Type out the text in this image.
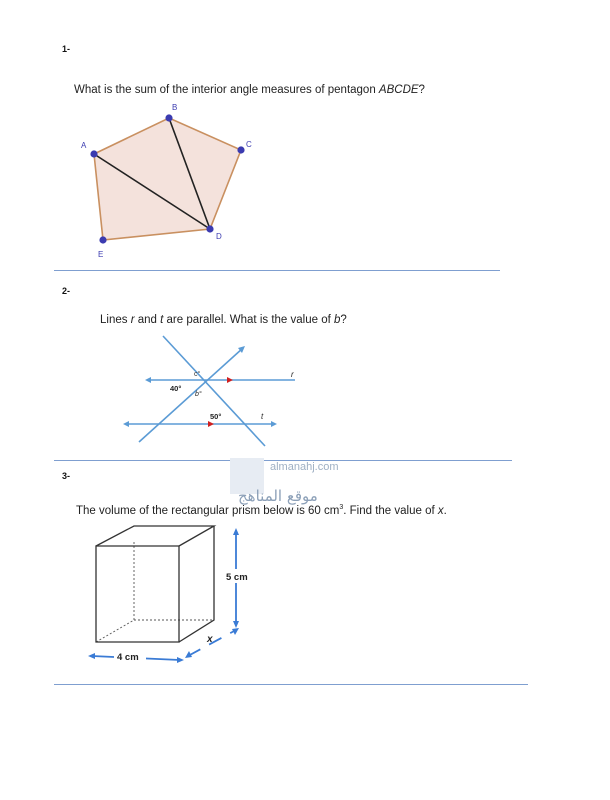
1-
What is the sum of the interior angle measures of pentagon ABCDE?
A
B
C
D
E
2-
Lines r and t are parallel. What is the value of b?
c°
40°
b°
50°
r
t
almanahj.com
موقع المناهج
3-
The volume of the rectangular prism below is 60 $cm^3$. Find the value of x.
5 cm
4 cm
x
